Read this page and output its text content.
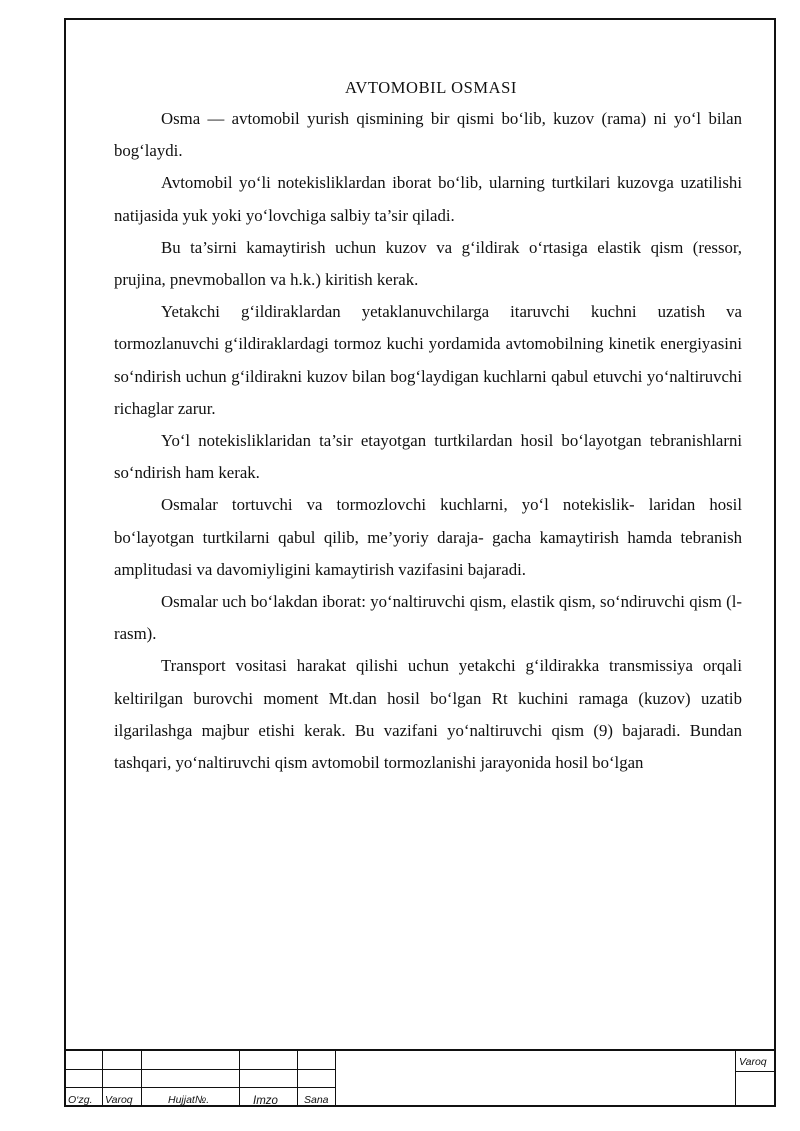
AVTOMOBIL OSMASI

Osma — avtomobil yurish qismining bir qismi bo‘lib, kuzov (rama) ni yo‘l bilan bog‘laydi.

Avtomobil yo‘li notekisliklardan iborat bo‘lib, ularning turtkilari kuzovga uzatilishi natijasida yuk yoki yo‘lovchiga salbiy ta’sir qiladi.

Bu ta’sirni kamaytirish uchun kuzov va g‘ildirak o‘rtasiga elastik qism (ressor, prujina, pnevmoballon va h.k.) kiritish kerak.

Yetakchi g‘ildiraklardan yetaklanuvchilarga itaruvchi kuchni uzatish va tormozlanuvchi g‘ildiraklardagi tormoz kuchi yordamida avtomobilning kinetik energiyasini so‘ndirish uchun g‘ildirakni kuzov bilan bog‘laydigan kuchlarni qabul etuvchi yo‘naltiruvchi richaglar zarur.

Yo‘l notekisliklaridan ta’sir etayotgan turtkilardan hosil bo‘layotgan tebranishlarni so‘ndirish ham kerak.

Osmalar tortuvchi va tormozlovchi kuchlarni, yo‘l notekislik- laridan hosil bo‘layotgan turtkilarni qabul qilib, me’yoriy daraja- gacha kamaytirish hamda tebranish amplitudasi va davomiyligini kamaytirish vazifasini bajaradi.

Osmalar uch bo‘lakdan iborat: yo‘naltiruvchi qism, elastik qism, so‘ndiruvchi qism (l-rasm).

Transport vositasi harakat qilishi uchun yetakchi g‘ildirakka transmissiya orqali keltirilgan burovchi moment Mt.dan hosil bo‘lgan Rt kuchini ramaga (kuzov) uzatib ilgarilashga majbur etishi kerak. Bu vazifani yo‘naltiruvchi qism (9) bajaradi. Bundan tashqari, yo‘naltiruvchi qism avtomobil tormozlanishi jarayonida hosil bo‘lgan

O‘zg. Varoq	Hujjat№.	Imzo Sana
Varoq
